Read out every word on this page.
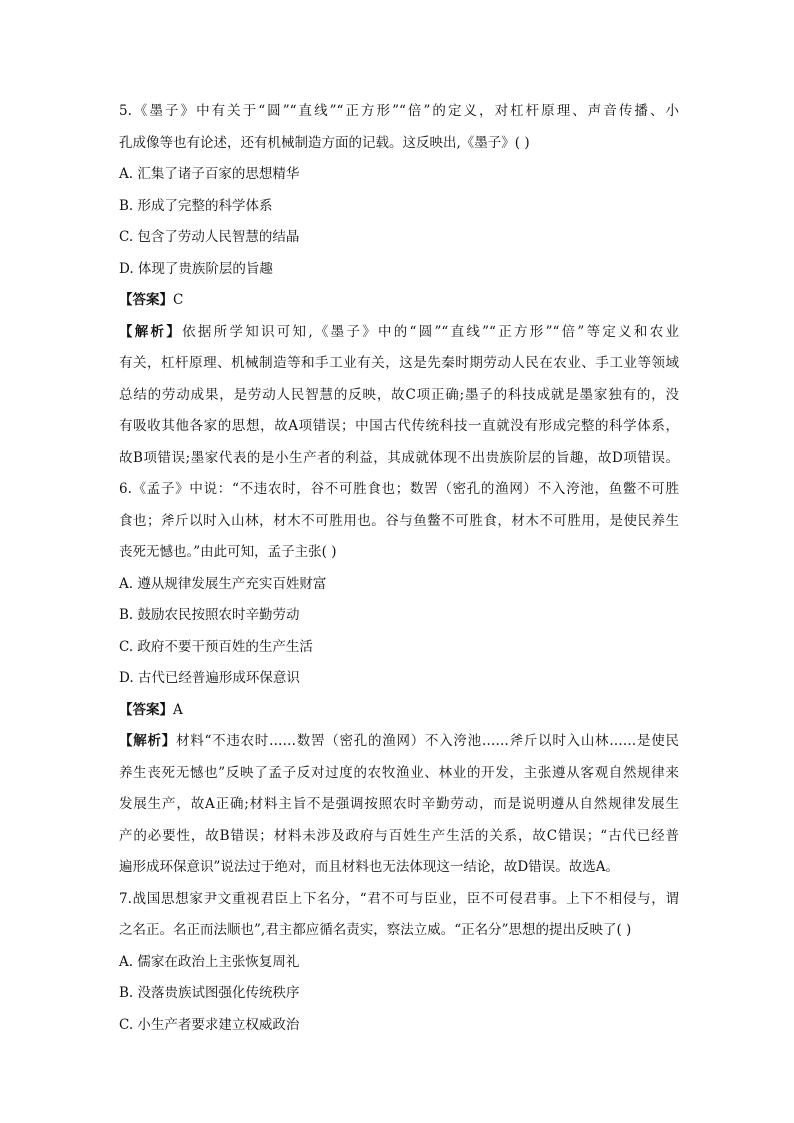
5.《墨子》中有关于“圆”“直线”“正方形”“倍”的定义，对杠杆原理、声音传播、小
孔成像等也有论述，还有机械制造方面的记载。这反映出,《墨子》( )
A. 汇集了诸子百家的思想精华
B. 形成了完整的科学体系
C. 包含了劳动人民智慧的结晶
D. 体现了贵族阶层的旨趣
【答案】C
【解析】依据所学知识可知,《墨子》中的“圆”“直线”“正方形”“倍”等定义和农业
有关，杠杆原理、机械制造等和手工业有关，这是先秦时期劳动人民在农业、手工业等领域
总结的劳动成果，是劳动人民智慧的反映，故C项正确;墨子的科技成就是墨家独有的，没
有吸收其他各家的思想，故A项错误；中国古代传统科技一直就没有形成完整的科学体系，
故B项错误;墨家代表的是小生产者的利益，其成就体现不出贵族阶层的旨趣，故D项错误。
6.《孟子》中说：“不违农时，谷不可胜食也；数罟（密孔的渔网）不入洿池，鱼鳖不可胜
食也；斧斤以时入山林，材木不可胜用也。谷与鱼鳖不可胜食，材木不可胜用，是使民养生
丧死无憾也。”由此可知，孟子主张( )
A. 遵从规律发展生产充实百姓财富
B. 鼓励农民按照农时辛勤劳动
C. 政府不要干预百姓的生产生活
D. 古代已经普遍形成环保意识
【答案】A
【解析】材料“不违农时……数罟（密孔的渔网）不入洿池……斧斤以时入山林……是使民
养生丧死无憾也”反映了孟子反对过度的农牧渔业、林业的开发，主张遵从客观自然规律来
发展生产，故A正确;材料主旨不是强调按照农时辛勤劳动，而是说明遵从自然规律发展生
产的必要性，故B错误；材料未涉及政府与百姓生产生活的关系，故C错误；“古代已经普
遍形成环保意识”说法过于绝对，而且材料也无法体现这一结论，故D错误。故选A。
7.战国思想家尹文重视君臣上下名分，“君不可与臣业，臣不可侵君事。上下不相侵与，谓
之名正。名正而法顺也”,君主都应循名责实，察法立威。“正名分”思想的提出反映了( )
A. 儒家在政治上主张恢复周礼
B. 没落贵族试图强化传统秩序
C. 小生产者要求建立权威政治
